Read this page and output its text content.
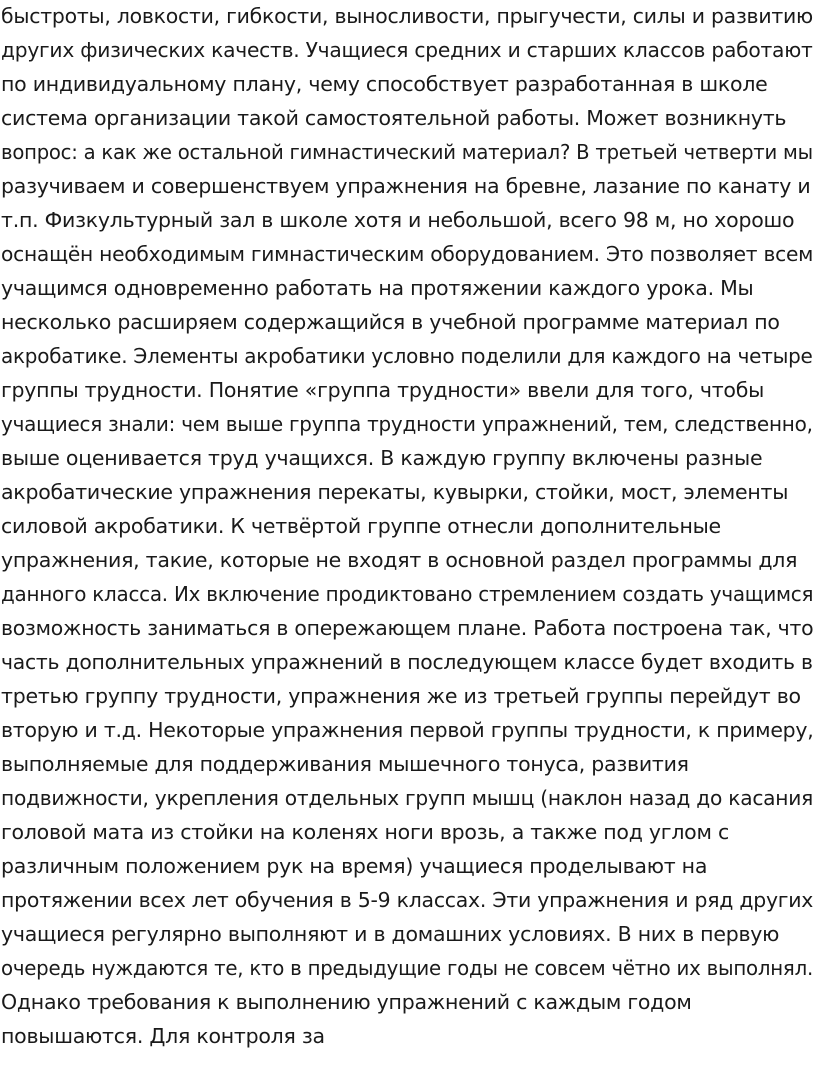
быстроты, ловкости, гибкости, выносливости, прыгучести, силы и развитию
других физических качеств. Учащиеся средних и старших классов работают
по индивидуальному плану, чему способствует разработанная в школе
система организации такой самостоятельной работы. Может возникнуть
вопрос: а как же остальной гимнастический материал? В третьей четверти мы
разучиваем и совершенствуем упражнения на бревне, лазание по канату и
т.п. Физкультурный зал в школе хотя и небольшой, всего 98 м, но хорошо
оснащён необходимым гимнастическим оборудованием. Это позволяет всем
учащимся одновременно работать на протяжении каждого урока. Мы
несколько расширяем содержащийся в учебной программе материал по
акробатике. Элементы акробатики условно поделили для каждого на четыре
группы трудности. Понятие «группа трудности» ввели для того, чтобы
учащиеся знали: чем выше группа трудности упражнений, тем, следственно,
выше оценивается труд учащихся. В каждую группу включены разные
акробатические упражнения перекаты, кувырки, стойки, мост, элементы
силовой акробатики. К четвёртой группе отнесли дополнительные
упражнения, такие, которые не входят в основной раздел программы для
данного класса. Их включение продиктовано стремлением создать учащимся
возможность заниматься в опережающем плане. Работа построена так, что
часть дополнительных упражнений в последующем классе будет входить в
третью группу трудности, упражнения же из третьей группы перейдут во
вторую и т.д. Некоторые упражнения первой группы трудности, к примеру,
выполняемые для поддерживания мышечного тонуса, развития
подвижности, укрепления отдельных групп мышц (наклон назад до касания
головой мата из стойки на коленях ноги врозь, а также под углом с
различным положением рук на время) учащиеся проделывают на
протяжении всех лет обучения в 5-9 классах. Эти упражнения и ряд других
учащиеся регулярно выполняют и в домашних условиях. В них в первую
очередь нуждаются те, кто в предыдущие годы не совсем чётно их выполнял.
Однако требования к выполнению упражнений с каждым годом
повышаются. Для контроля за
